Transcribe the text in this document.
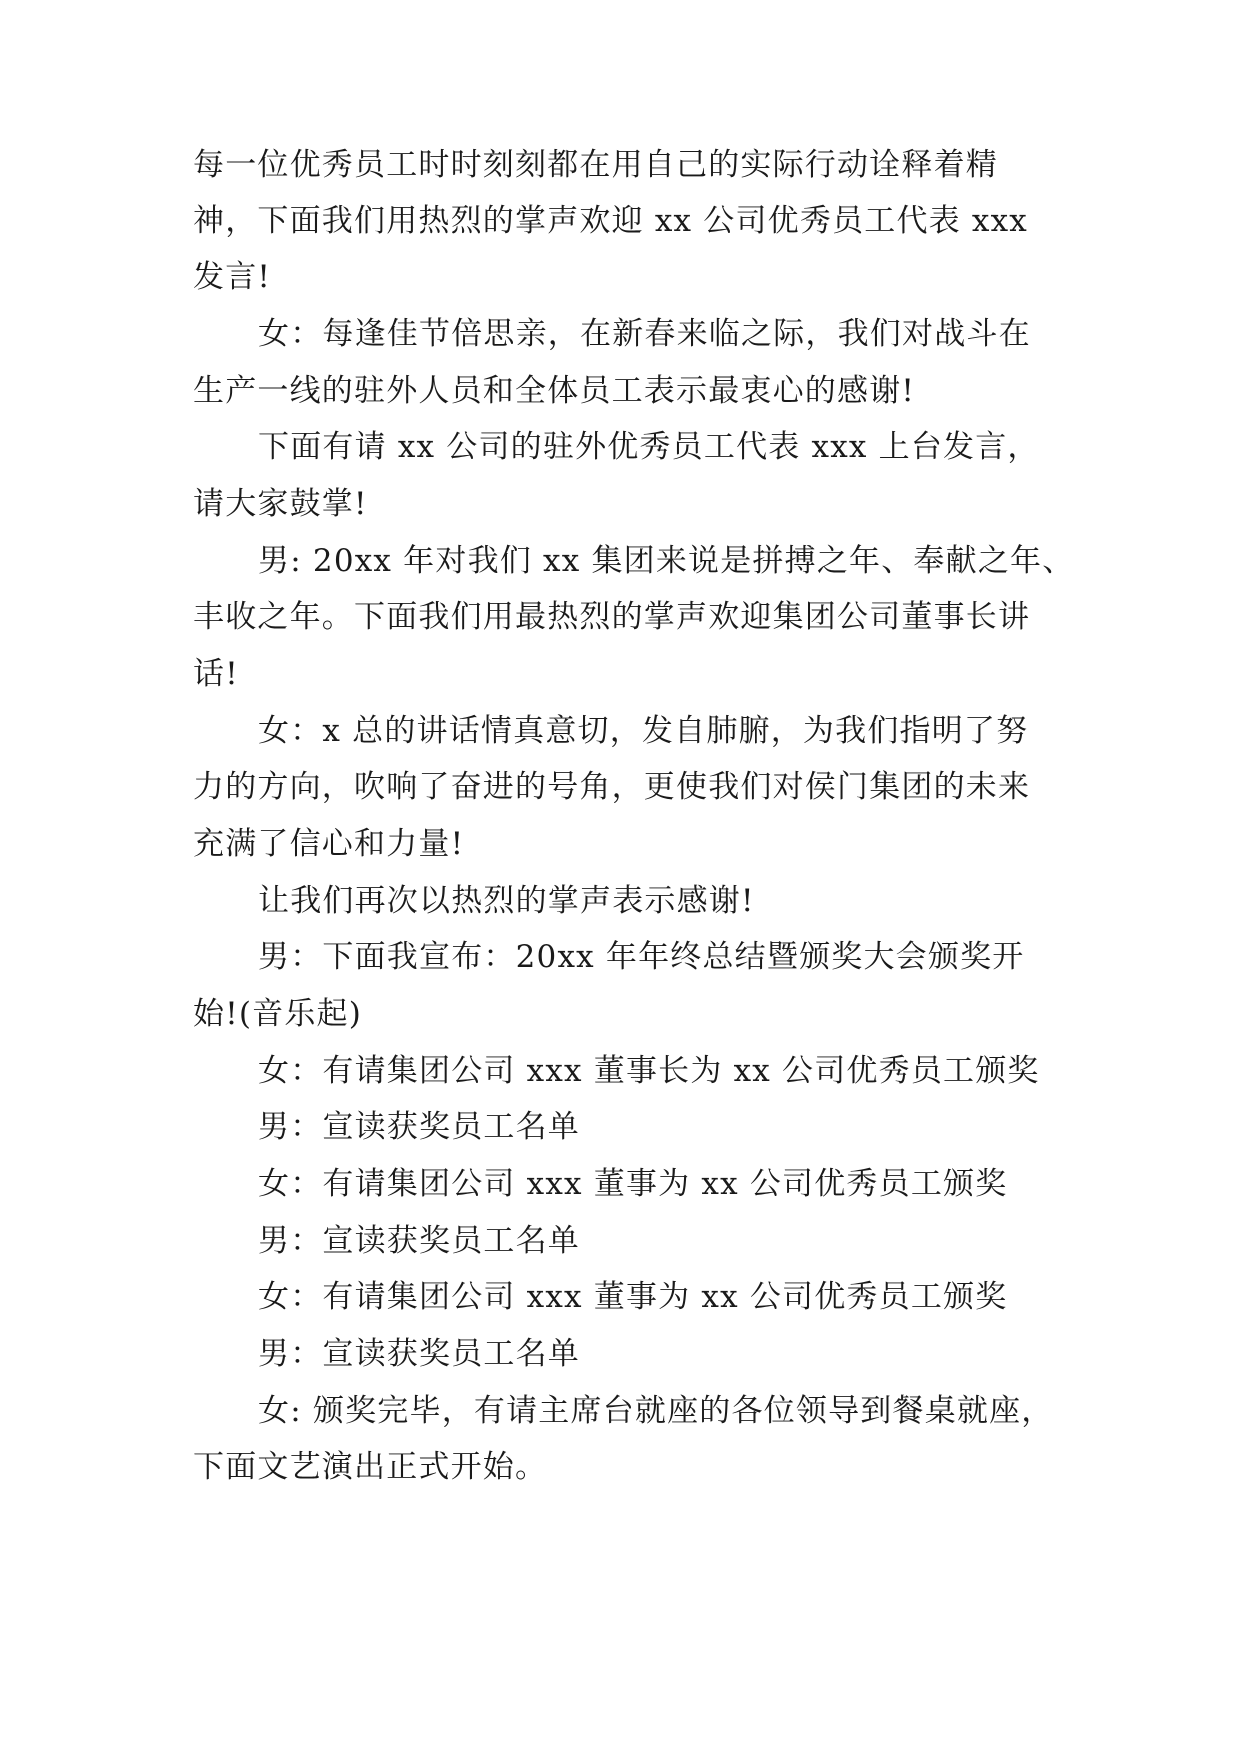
每一位优秀员工时时刻刻都在用自己的实际行动诠释着精
神，下面我们用热烈的掌声欢迎 xx 公司优秀员工代表 xxx
发言!
女：每逢佳节倍思亲，在新春来临之际，我们对战斗在
生产一线的驻外人员和全体员工表示最衷心的感谢!
下面有请 xx 公司的驻外优秀员工代表 xxx 上台发言，
请大家鼓掌!
男: 20xx 年对我们 xx 集团来说是拼搏之年、奉献之年、
丰收之年。下面我们用最热烈的掌声欢迎集团公司董事长讲
话!
女：x 总的讲话情真意切，发自肺腑，为我们指明了努
力的方向，吹响了奋进的号角，更使我们对侯门集团的未来
充满了信心和力量!
让我们再次以热烈的掌声表示感谢!
男：下面我宣布：20xx 年年终总结暨颁奖大会颁奖开
始!(音乐起)
女：有请集团公司 xxx 董事长为 xx 公司优秀员工颁奖
男：宣读获奖员工名单
女：有请集团公司 xxx 董事为 xx 公司优秀员工颁奖
男：宣读获奖员工名单
女：有请集团公司 xxx 董事为 xx 公司优秀员工颁奖
男：宣读获奖员工名单
女: 颁奖完毕，有请主席台就座的各位领导到餐桌就座，
下面文艺演出正式开始。
